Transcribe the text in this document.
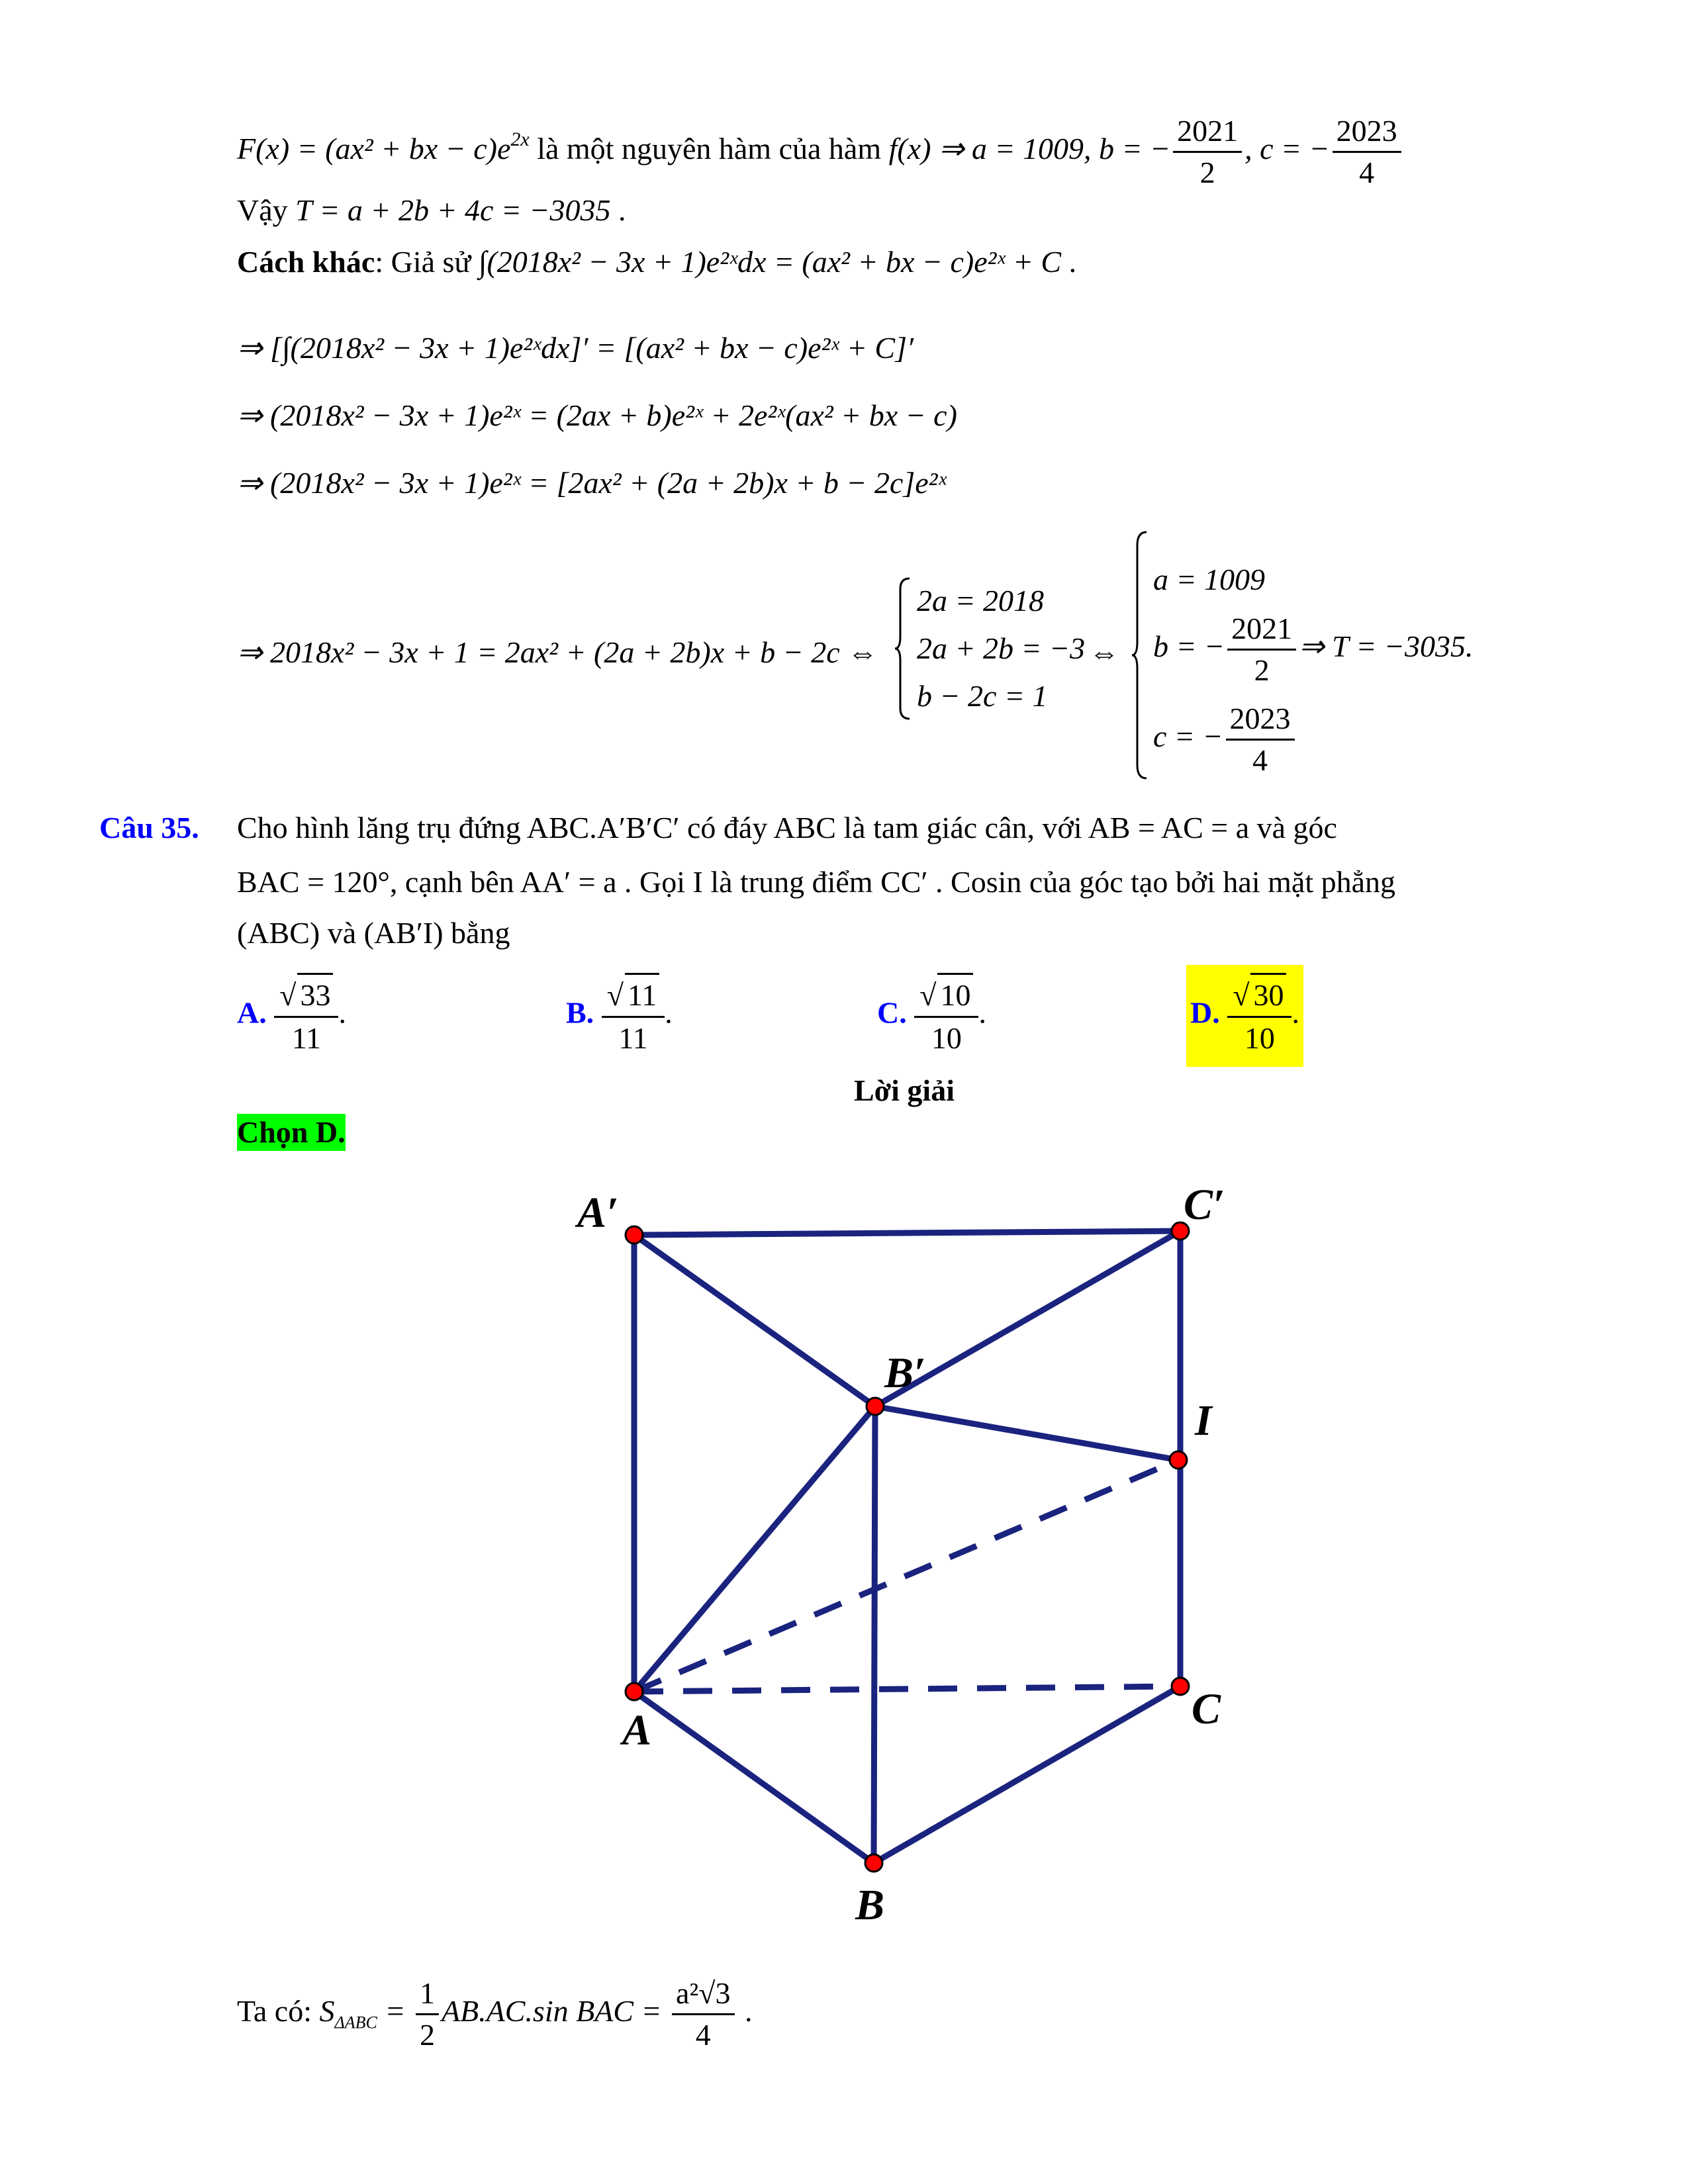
F(x) = (ax² + bx − $c)e^{2x}$ là một nguyên hàm của hàm f(x) ⇒ a = 1009, b = − $\frac{2021}{2}$ , c = − $\frac{2023}{4}$
Vậy T = a + 2b + 4c = −3035 .
Cách khác: Giả sử ∫(2018x² − 3x + 1)e²ˣdx = (ax² + bx − c)e²ˣ + C .
⇒ [∫(2018x² − 3x + 1)e²ˣdx]′ = [(ax² + bx − c)e²ˣ + C]′
⇒ (2018x² − 3x + 1)e²ˣ = (2ax + b)e²ˣ + 2e²ˣ(ax² + bx − c)
⇒ (2018x² − 3x + 1)e²ˣ = [2ax² + (2a + 2b)x + b − 2c]e²ˣ
⇒ 2018x² − 3x + 1 = 2ax² + (2a + 2b)x + b − 2c ⇔
2a = 2018
2a + 2b = −3
b − 2c = 1
⇔
a = 1009
b = − $\frac{2021}{2}$ ⇒ T = −3035.
c = − $\frac{2023}{4}$
Câu 35. Cho hình lăng trụ đứng ABC.A′B′C′ có đáy ABC là tam giác cân, với AB = AC = a và góc
BAC = 120°, cạnh bên AA′ = a . Gọi I là trung điểm CC′ . Cosin của góc tạo bởi hai mặt phẳng
(ABC) và (AB′I) bằng
A. $\frac{√ 33}{11}$ .	B. $\frac{√ 11}{11}$ .	C. $\frac{√ 10}{10}$ .	D. $\frac{√ 30}{10}$ .
Lời giải
Chọn D.
A′	C′
B′
I
A	C
B
Ta có: $S_{\Delta ABC} = \frac{1}{2} AB.AC.\sin$ BAC = $\frac{\text{a²√3}}{4}$ .
